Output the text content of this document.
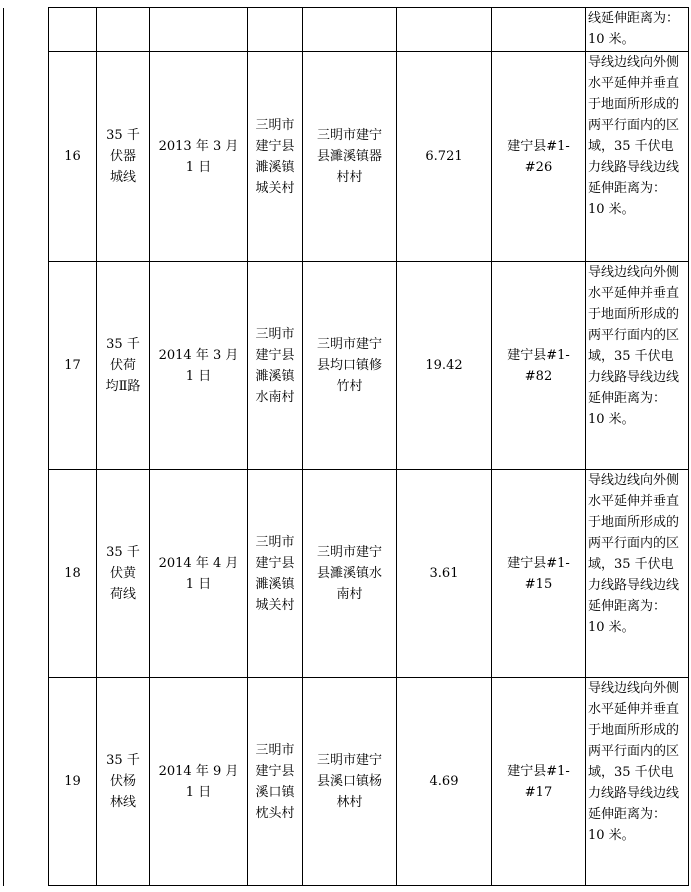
								线延伸距离为： 10 米。

	16	35 千伏器城线	2013 年 3 月 1 日	三明市建宁县濉溪镇城关村	三明市建宁县濉溪镇器村村	6.721	建宁县#1-#26	导线边线向外侧水平延伸并垂直于地面所形成的两平行面内的区域，35 千伏电力线路导线边线延伸距离为： 10 米。
	17	35 千伏荷均Ⅱ路	2014 年 3 月 1 日	三明市建宁县濉溪镇水南村	三明市建宁县均口镇修竹村	19.42	建宁县#1-#82	导线边线向外侧水平延伸并垂直于地面所形成的两平行面内的区域，35 千伏电力线路导线边线延伸距离为： 10 米。
	18	35 千伏黄荷线	2014 年 4 月 1 日	三明市建宁县濉溪镇城关村	三明市建宁县濉溪镇水南村	3.61	建宁县#1-#15	导线边线向外侧水平延伸并垂直于地面所形成的两平行面内的区域，35 千伏电力线路导线边线延伸距离为： 10 米。
	19	35 千伏杨林线	2014 年 9 月 1 日	三明市建宁县溪口镇枕头村	三明市建宁县溪口镇杨林村	4.69	建宁县#1-#17	导线边线向外侧水平延伸并垂直于地面所形成的两平行面内的区域，35 千伏电力线路导线边线延伸距离为： 10 米。
